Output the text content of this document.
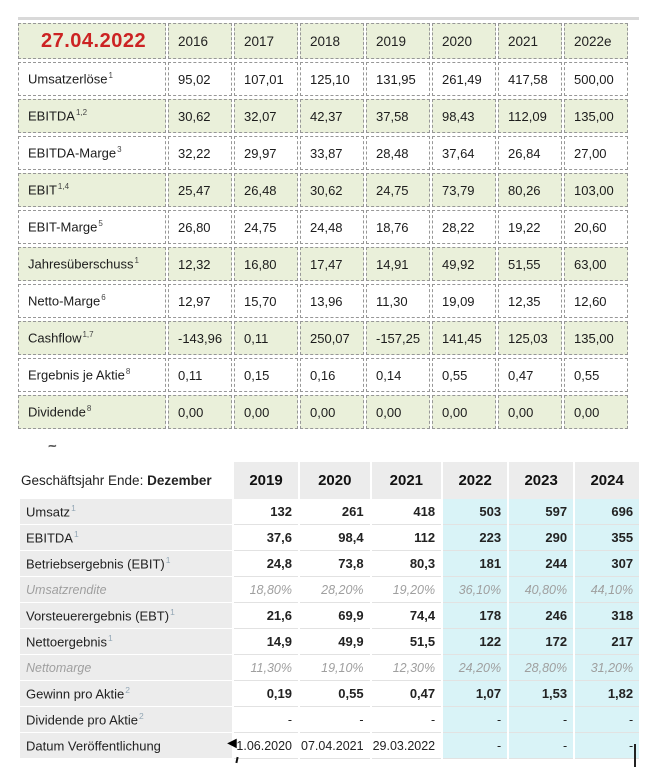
27.04.2022	2016	2017	2018	2019	2020	2021	2022e
Umsatzerlöse$^1$	95,02	107,01	125,10	131,95	261,49	417,58	500,00
EBITDA$^{1,2}$	30,62	32,07	42,37	37,58	98,43	112,09	135,00
EBITDA-Marge$^3$	32,22	29,97	33,87	28,48	37,64	26,84	27,00
EBIT$^{1,4}$	25,47	26,48	30,62	24,75	73,79	80,26	103,00
EBIT-Marge$^5$	26,80	24,75	24,48	18,76	28,22	19,22	20,60
Jahresüberschuss$^1$	12,32	16,80	17,47	14,91	49,92	51,55	63,00
Netto-Marge$^6$	12,97	15,70	13,96	11,30	19,09	12,35	12,60
Cashflow$^{1,7}$	-143,96	0,11	250,07	-157,25	141,45	125,03	135,00
Ergebnis je Aktie$^8$	0,11	0,15	0,16	0,14	0,55	0,47	0,55
Dividende$^8$	0,00	0,00	0,00	0,00	0,00	0,00	0,00
~
Geschäftsjahr Ende: Dezember	2019	2020	2021	2022	2023	2024
Umsatz$^1$	132	261	418	503	597	696
EBITDA$^1$	37,6	98,4	112	223	290	355
Betriebsergebnis (EBIT)$^1$	24,8	73,8	80,3	181	244	307
Umsatzrendite	18,80%	28,20%	19,20%	36,10%	40,80%	44,10%
Vorsteuerergebnis (EBT)$^1$	21,6	69,9	74,4	178	246	318
Nettoergebnis$^1$	14,9	49,9	51,5	122	172	217
Nettomarge	11,30%	19,10%	12,30%	24,20%	28,80%	31,20%
Gewinn pro Aktie$^2$	0,19	0,55	0,47	1,07	1,53	1,82
Dividende pro Aktie$^2$	-	-	-	-	-	-
Datum Veröffentlichung	1.06.2020	07.04.2021	29.03.2022	-	-	-
◄
